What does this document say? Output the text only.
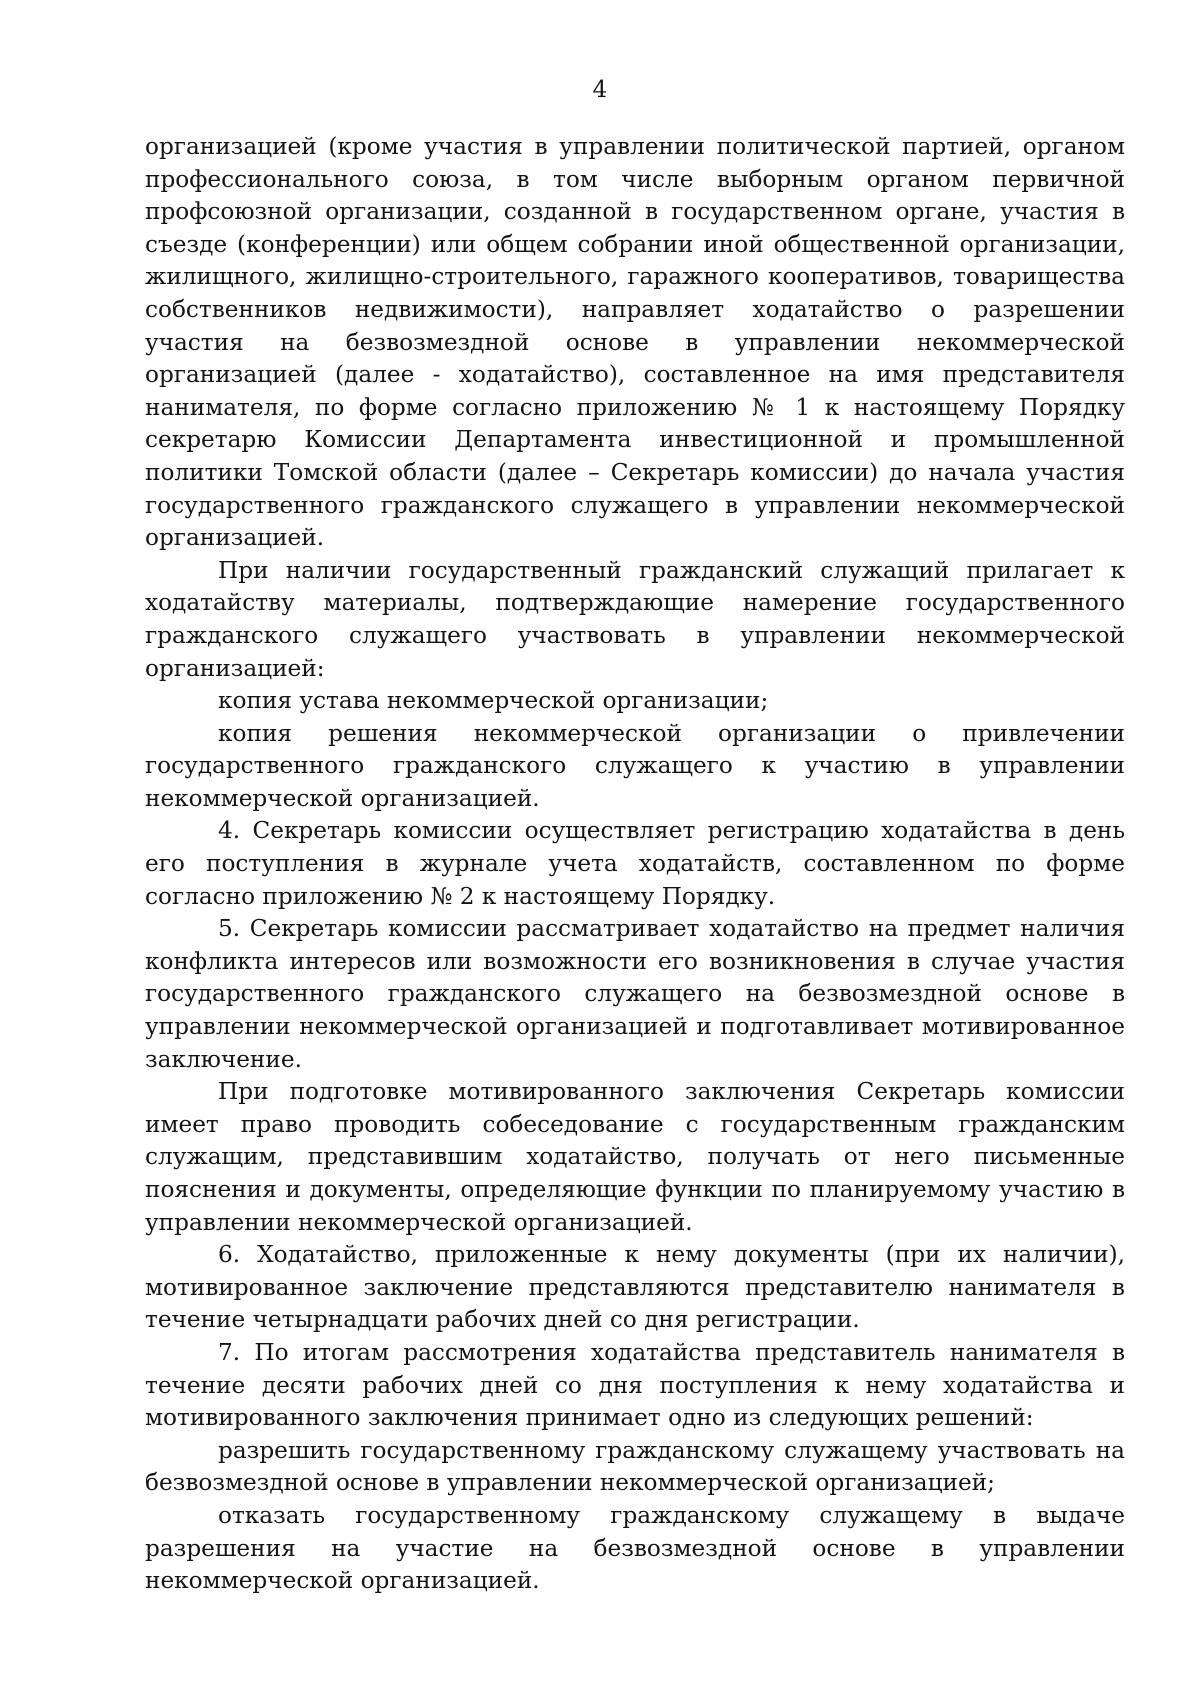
4

организацией (кроме участия в управлении политической партией, органом профессионального союза, в том числе выборным органом первичной профсоюзной организации, созданной в государственном органе, участия в съезде (конференции) или общем собрании иной общественной организации, жилищного, жилищно-строительного, гаражного кооперативов, товарищества собственников недвижимости), направляет ходатайство о разрешении участия на безвозмездной основе в управлении некоммерческой организацией (далее - ходатайство), составленное на имя представителя нанимателя, по форме согласно приложению № 1 к настоящему Порядку секретарю Комиссии Департамента инвестиционной и промышленной политики Томской области (далее – Секретарь комиссии) до начала участия государственного гражданского служащего в управлении некоммерческой организацией.

При наличии государственный гражданский служащий прилагает к ходатайству материалы, подтверждающие намерение государственного гражданского служащего участвовать в управлении некоммерческой организацией:

копия устава некоммерческой организации;

копия решения некоммерческой организации о привлечении государственного гражданского служащего к участию в управлении некоммерческой организацией.

4. Секретарь комиссии осуществляет регистрацию ходатайства в день его поступления в журнале учета ходатайств, составленном по форме согласно приложению № 2 к настоящему Порядку.

5. Секретарь комиссии рассматривает ходатайство на предмет наличия конфликта интересов или возможности его возникновения в случае участия государственного гражданского служащего на безвозмездной основе в управлении некоммерческой организацией и подготавливает мотивированное заключение.

При подготовке мотивированного заключения Секретарь комиссии имеет право проводить собеседование с государственным гражданским служащим, представившим ходатайство, получать от него письменные пояснения и документы, определяющие функции по планируемому участию в управлении некоммерческой организацией.

6. Ходатайство, приложенные к нему документы (при их наличии), мотивированное заключение представляются представителю нанимателя в течение четырнадцати рабочих дней со дня регистрации.

7. По итогам рассмотрения ходатайства представитель нанимателя в течение десяти рабочих дней со дня поступления к нему ходатайства и мотивированного заключения принимает одно из следующих решений:

разрешить государственному гражданскому служащему участвовать на безвозмездной основе в управлении некоммерческой организацией;

отказать государственному гражданскому служащему в выдаче разрешения на участие на безвозмездной основе в управлении некоммерческой организацией.
